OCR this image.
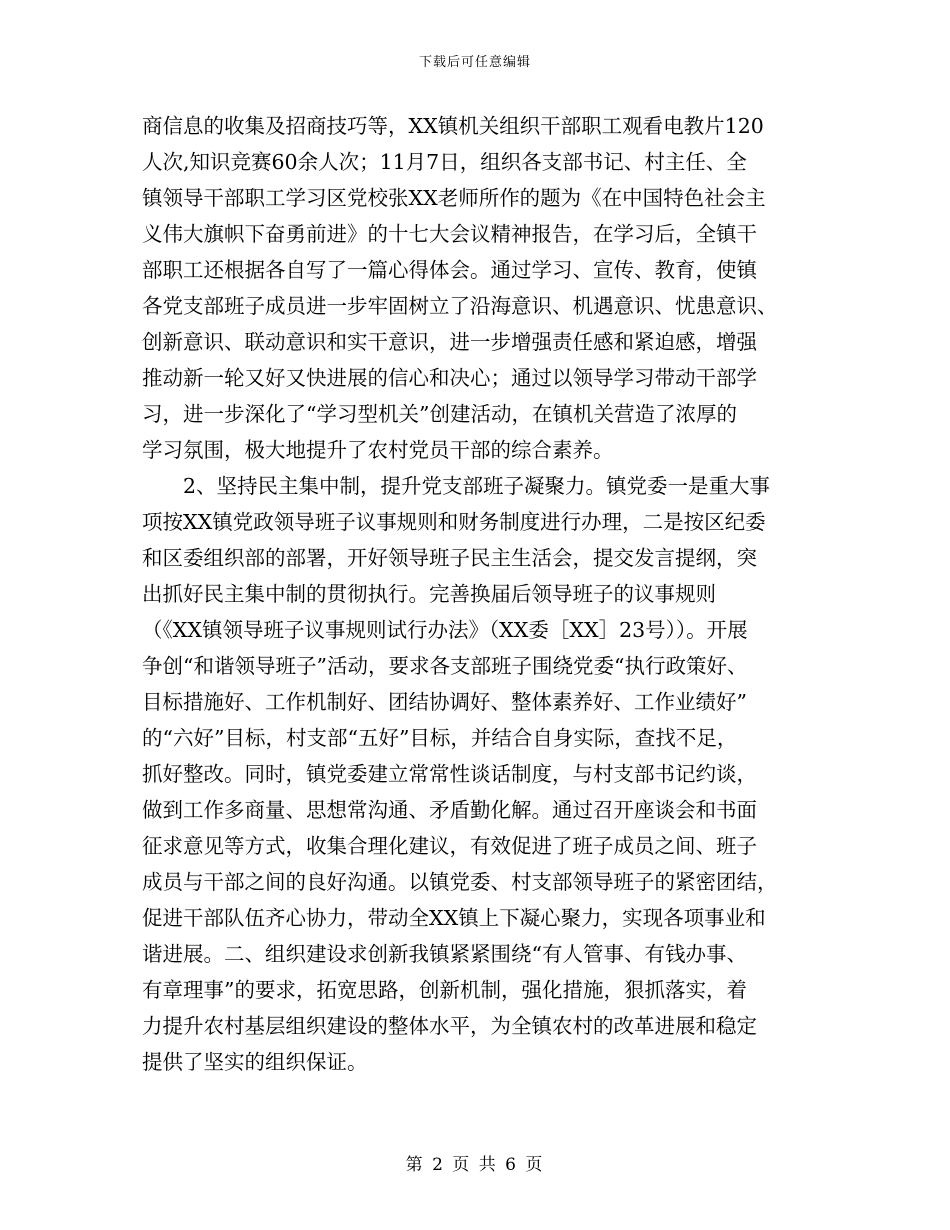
下载后可任意编辑

商信息的收集及招商技巧等，XX镇机关组织干部职工观看电教片120
人次,知识竞赛60余人次；11月7日，组织各支部书记、村主任、全
镇领导干部职工学习区党校张XX老师所作的题为《在中国特色社会主
义伟大旗帜下奋勇前进》的十七大会议精神报告，在学习后，全镇干
部职工还根据各自写了一篇心得体会。通过学习、宣传、教育，使镇
各党支部班子成员进一步牢固树立了沿海意识、机遇意识、忧患意识、
创新意识、联动意识和实干意识，进一步增强责任感和紧迫感，增强
推动新一轮又好又快进展的信心和决心；通过以领导学习带动干部学
习，进一步深化了“学习型机关”创建活动，在镇机关营造了浓厚的
学习氛围，极大地提升了农村党员干部的综合素养。

2、坚持民主集中制，提升党支部班子凝聚力。镇党委一是重大事
项按XX镇党政领导班子议事规则和财务制度进行办理，二是按区纪委
和区委组织部的部署，开好领导班子民主生活会，提交发言提纲，突
出抓好民主集中制的贯彻执行。完善换届后领导班子的议事规则
（《XX镇领导班子议事规则试行办法》（XX委［XX］23号））。开展
争创“和谐领导班子”活动，要求各支部班子围绕党委“执行政策好、
目标措施好、工作机制好、团结协调好、整体素养好、工作业绩好”
的“六好”目标，村支部“五好”目标，并结合自身实际，查找不足，
抓好整改。同时，镇党委建立常常性谈话制度，与村支部书记约谈，
做到工作多商量、思想常沟通、矛盾勤化解。通过召开座谈会和书面
征求意见等方式，收集合理化建议，有效促进了班子成员之间、班子
成员与干部之间的良好沟通。以镇党委、村支部领导班子的紧密团结，
促进干部队伍齐心协力，带动全XX镇上下凝心聚力，实现各项事业和
谐进展。二、组织建设求创新我镇紧紧围绕“有人管事、有钱办事、
有章理事”的要求，拓宽思路，创新机制，强化措施，狠抓落实，着
力提升农村基层组织建设的整体水平，为全镇农村的改革进展和稳定
提供了坚实的组织保证。

第 2 页 共 6 页
